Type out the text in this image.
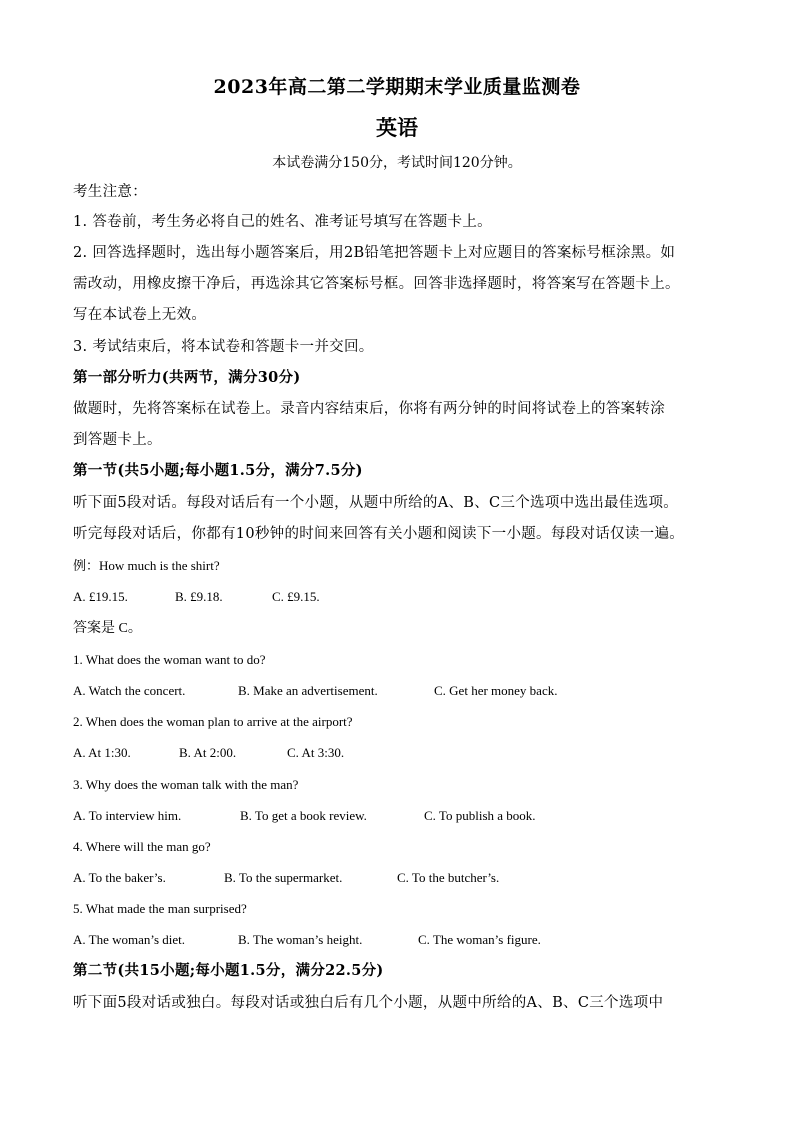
2023年高二第二学期期末学业质量监测卷
英语
本试卷满分150分，考试时间120分钟。
考生注意：
1. 答卷前，考生务必将自己的姓名、准考证号填写在答题卡上。
2. 回答选择题时，选出每小题答案后，用2B铅笔把答题卡上对应题目的答案标号框涂黑。如
需改动，用橡皮擦干净后，再选涂其它答案标号框。回答非选择题时，将答案写在答题卡上。
写在本试卷上无效。
3. 考试结束后，将本试卷和答题卡一并交回。
第一部分听力(共两节，满分30分)
做题时，先将答案标在试卷上。录音内容结束后，你将有两分钟的时间将试卷上的答案转涂
到答题卡上。
第一节(共5小题;每小题1.5分，满分7.5分)
听下面5段对话。每段对话后有一个小题，从题中所给的A、B、C三个选项中选出最佳选项。
听完每段对话后，你都有10秒钟的时间来回答有关小题和阅读下一小题。每段对话仅读一遍。
例：How much is the shirt?
A. £19.15.	B. £9.18.	C. £9.15.
答案是 C。
1. What does the woman want to do?
A. Watch the concert.	B. Make an advertisement.	C. Get her money back.
2. When does the woman plan to arrive at the airport?
A. At 1:30.	B. At 2:00.	C. At 3:30.
3. Why does the woman talk with the man?
A. To interview him.	B. To get a book review.	C. To publish a book.
4. Where will the man go?
A. To the baker’s.	B. To the supermarket.	C. To the butcher’s.
5. What made the man surprised?
A. The woman’s diet.	B. The woman’s height.	C. The woman’s figure.
第二节(共15小题;每小题1.5分，满分22.5分)
听下面5段对话或独白。每段对话或独白后有几个小题，从题中所给的A、B、C三个选项中
